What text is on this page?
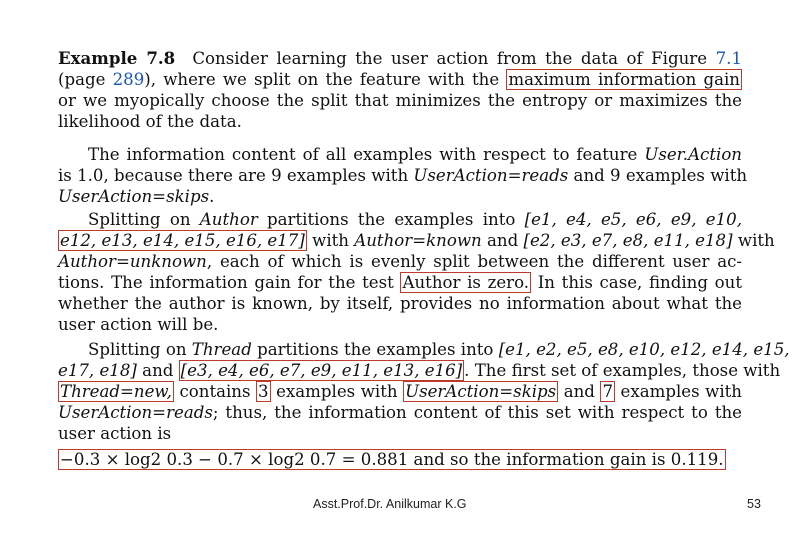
Example 7.8 Consider learning the user action from the data of Figure 7.1
(page 289), where we split on the feature with the maximum information gain
or we myopically choose the split that minimizes the entropy or maximizes the
likelihood of the data.
The information content of all examples with respect to feature User.Action
is 1.0, because there are 9 examples with UserAction=reads and 9 examples with
UserAction=skips.
Splitting on Author partitions the examples into [e1, e4, e5, e6, e9, e10,
e12, e13, e14, e15, e16, e17] with Author=known and [e2, e3, e7, e8, e11, e18] with
Author=unknown, each of which is evenly split between the different user ac-
tions. The information gain for the test Author is zero. In this case, finding out
whether the author is known, by itself, provides no information about what the
user action will be.
Splitting on Thread partitions the examples into [e1, e2, e5, e8, e10, e12, e14, e15,
e17, e18] and [e3, e4, e6, e7, e9, e11, e13, e16] . The first set of examples, those with
Thread=new, contains 3 examples with UserAction=skips and 7 examples with
UserAction=reads; thus, the information content of this set with respect to the
user action is
−0.3 × log2 0.3 − 0.7 × log2 0.7 = 0.881 and so the information gain is 0.119.
Asst.Prof.Dr. Anilkumar K.G	53
